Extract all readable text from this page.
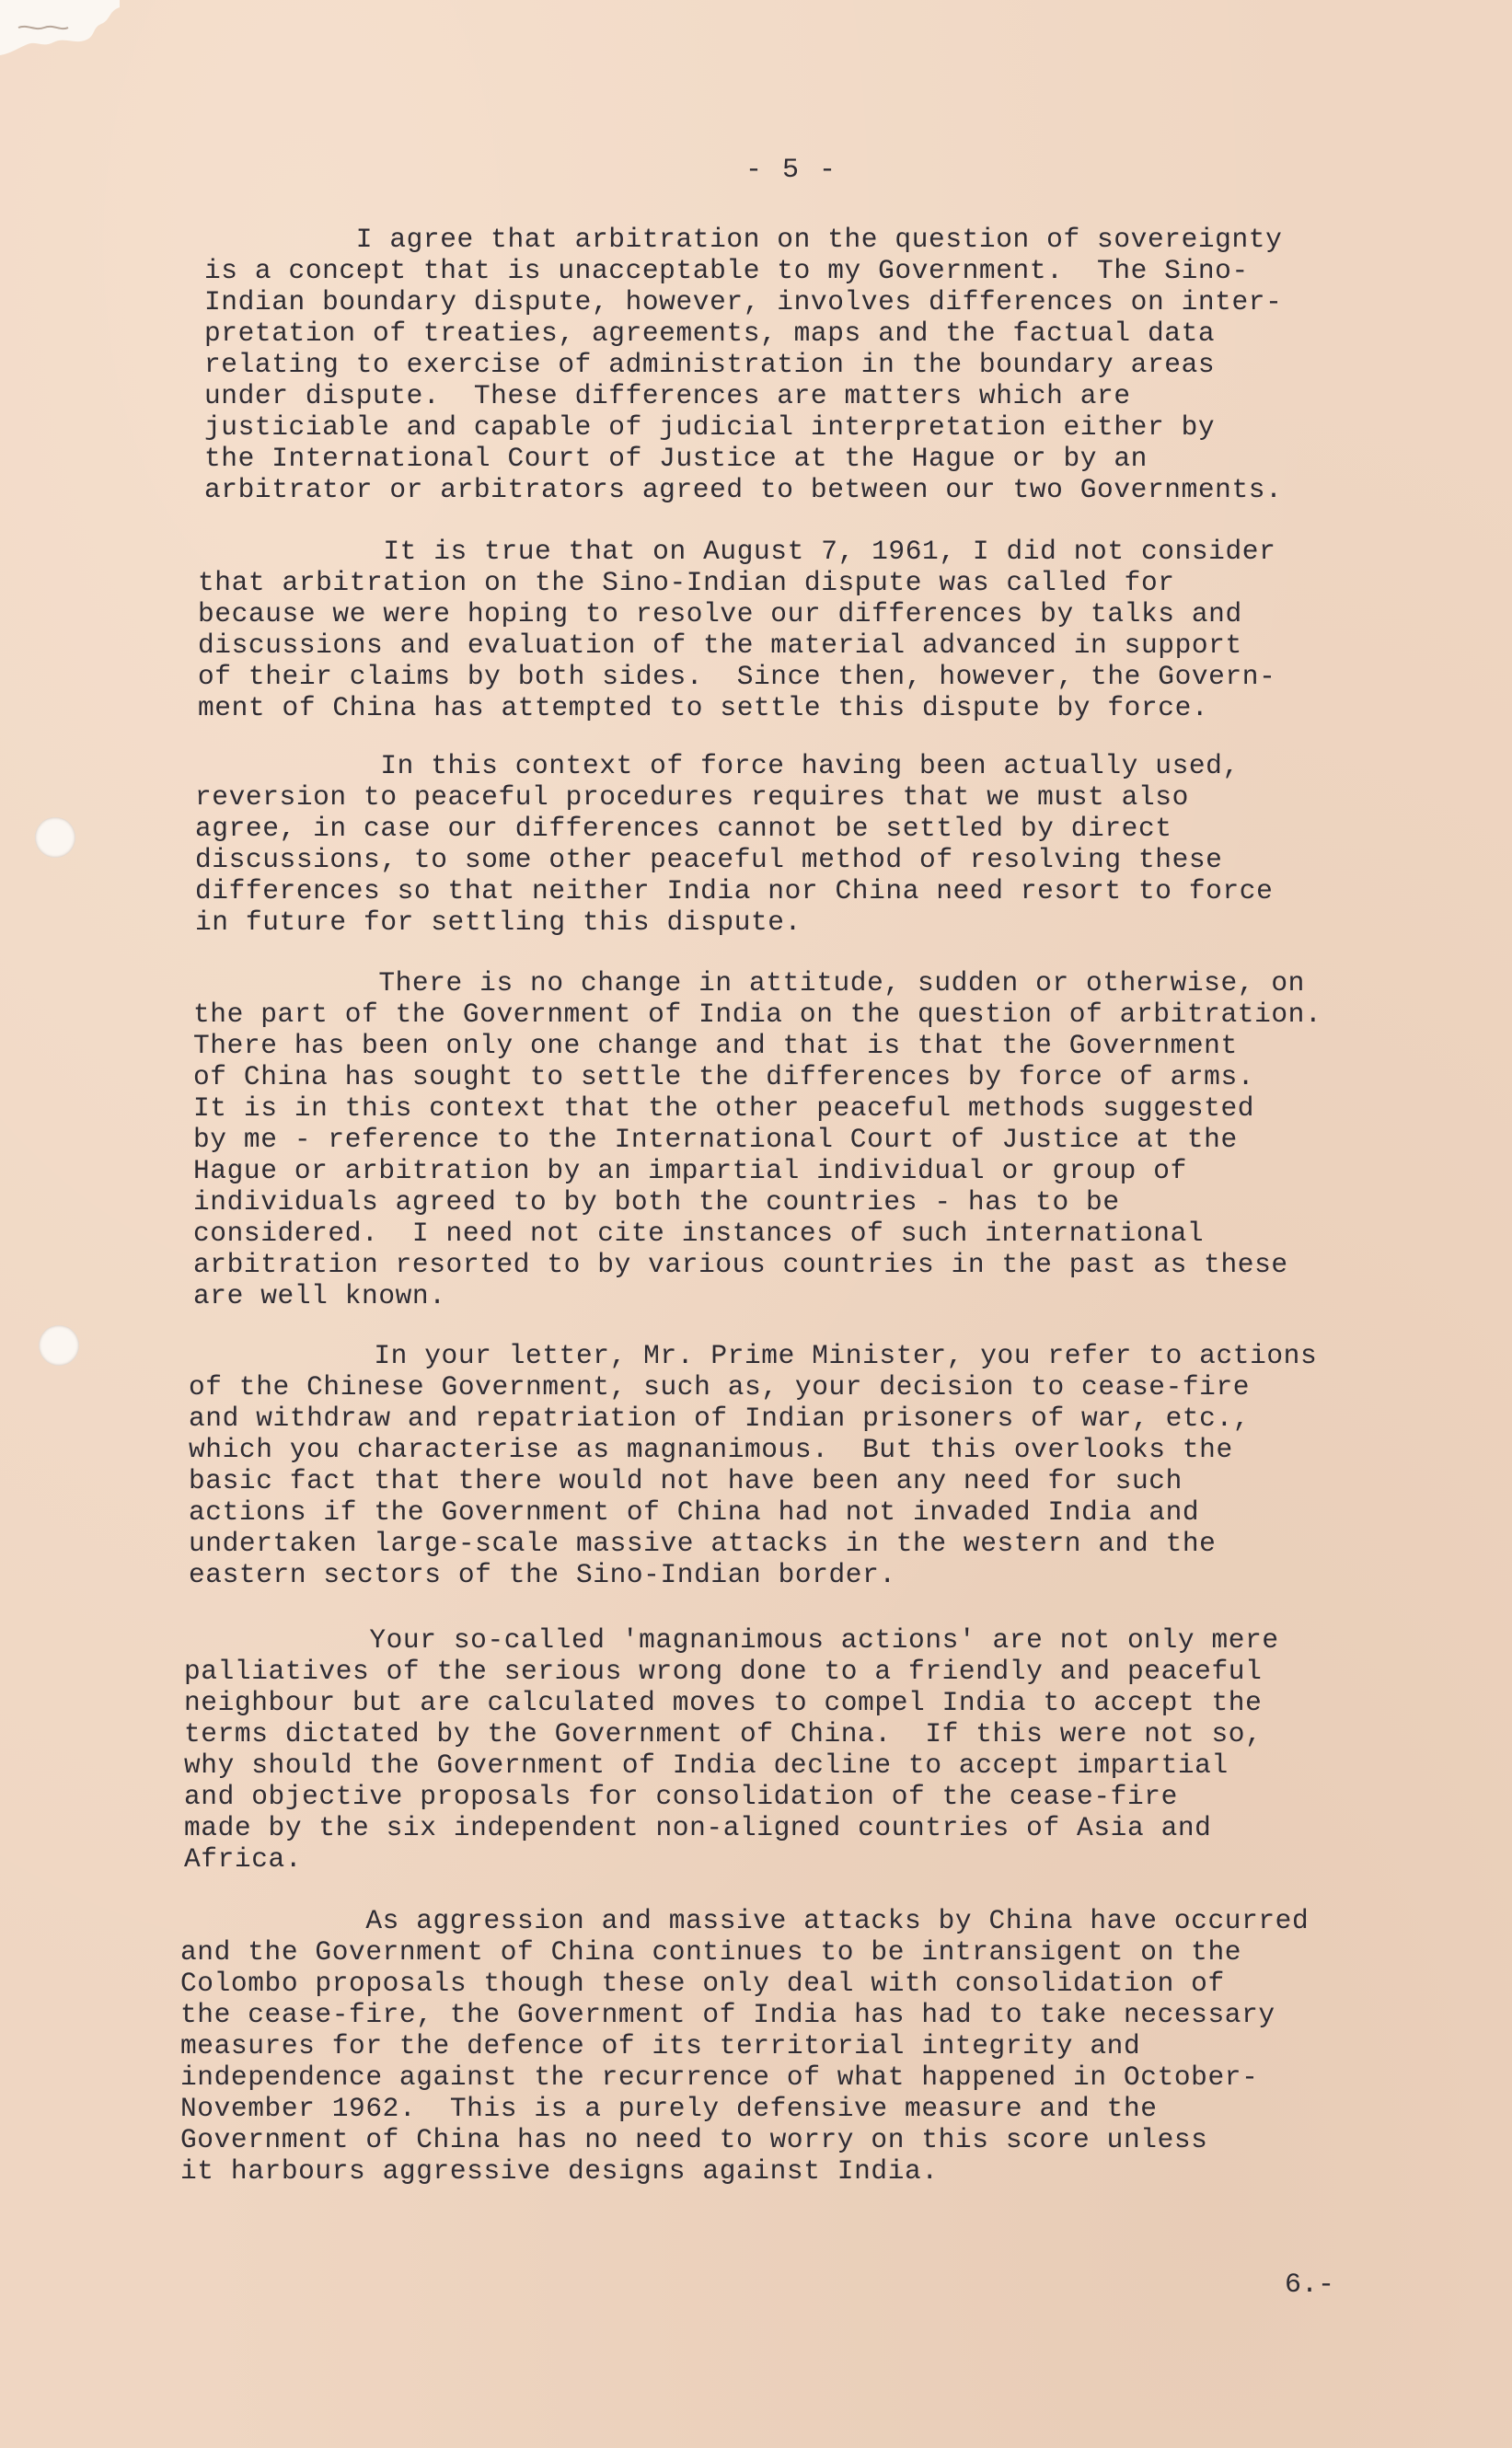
- 5 -

I agree that arbitration on the question of sovereignty
is a concept that is unacceptable to my Government.  The Sino-
Indian boundary dispute, however, involves differences on inter-
pretation of treaties, agreements, maps and the factual data
relating to exercise of administration in the boundary areas
under dispute.  These differences are matters which are
justiciable and capable of judicial interpretation either by
the International Court of Justice at the Hague or by an
arbitrator or arbitrators agreed to between our two Governments.

It is true that on August 7, 1961, I did not consider
that arbitration on the Sino-Indian dispute was called for
because we were hoping to resolve our differences by talks and
discussions and evaluation of the material advanced in support
of their claims by both sides.  Since then, however, the Govern-
ment of China has attempted to settle this dispute by force.

In this context of force having been actually used,
reversion to peaceful procedures requires that we must also
agree, in case our differences cannot be settled by direct
discussions, to some other peaceful method of resolving these
differences so that neither India nor China need resort to force
in future for settling this dispute.

There is no change in attitude, sudden or otherwise, on
the part of the Government of India on the question of arbitration.
There has been only one change and that is that the Government
of China has sought to settle the differences by force of arms.
It is in this context that the other peaceful methods suggested
by me - reference to the International Court of Justice at the
Hague or arbitration by an impartial individual or group of
individuals agreed to by both the countries - has to be
considered.  I need not cite instances of such international
arbitration resorted to by various countries in the past as these
are well known.

In your letter, Mr. Prime Minister, you refer to actions
of the Chinese Government, such as, your decision to cease-fire
and withdraw and repatriation of Indian prisoners of war, etc.,
which you characterise as magnanimous.  But this overlooks the
basic fact that there would not have been any need for such
actions if the Government of China had not invaded India and
undertaken large-scale massive attacks in the western and the
eastern sectors of the Sino-Indian border.

Your so-called 'magnanimous actions' are not only mere
palliatives of the serious wrong done to a friendly and peaceful
neighbour but are calculated moves to compel India to accept the
terms dictated by the Government of China.  If this were not so,
why should the Government of India decline to accept impartial
and objective proposals for consolidation of the cease-fire
made by the six independent non-aligned countries of Asia and
Africa.

As aggression and massive attacks by China have occurred
and the Government of China continues to be intransigent on the
Colombo proposals though these only deal with consolidation of
the cease-fire, the Government of India has had to take necessary
measures for the defence of its territorial integrity and
independence against the recurrence of what happened in October-
November 1962.  This is a purely defensive measure and the
Government of China has no need to worry on this score unless
it harbours aggressive designs against India.

6.-
